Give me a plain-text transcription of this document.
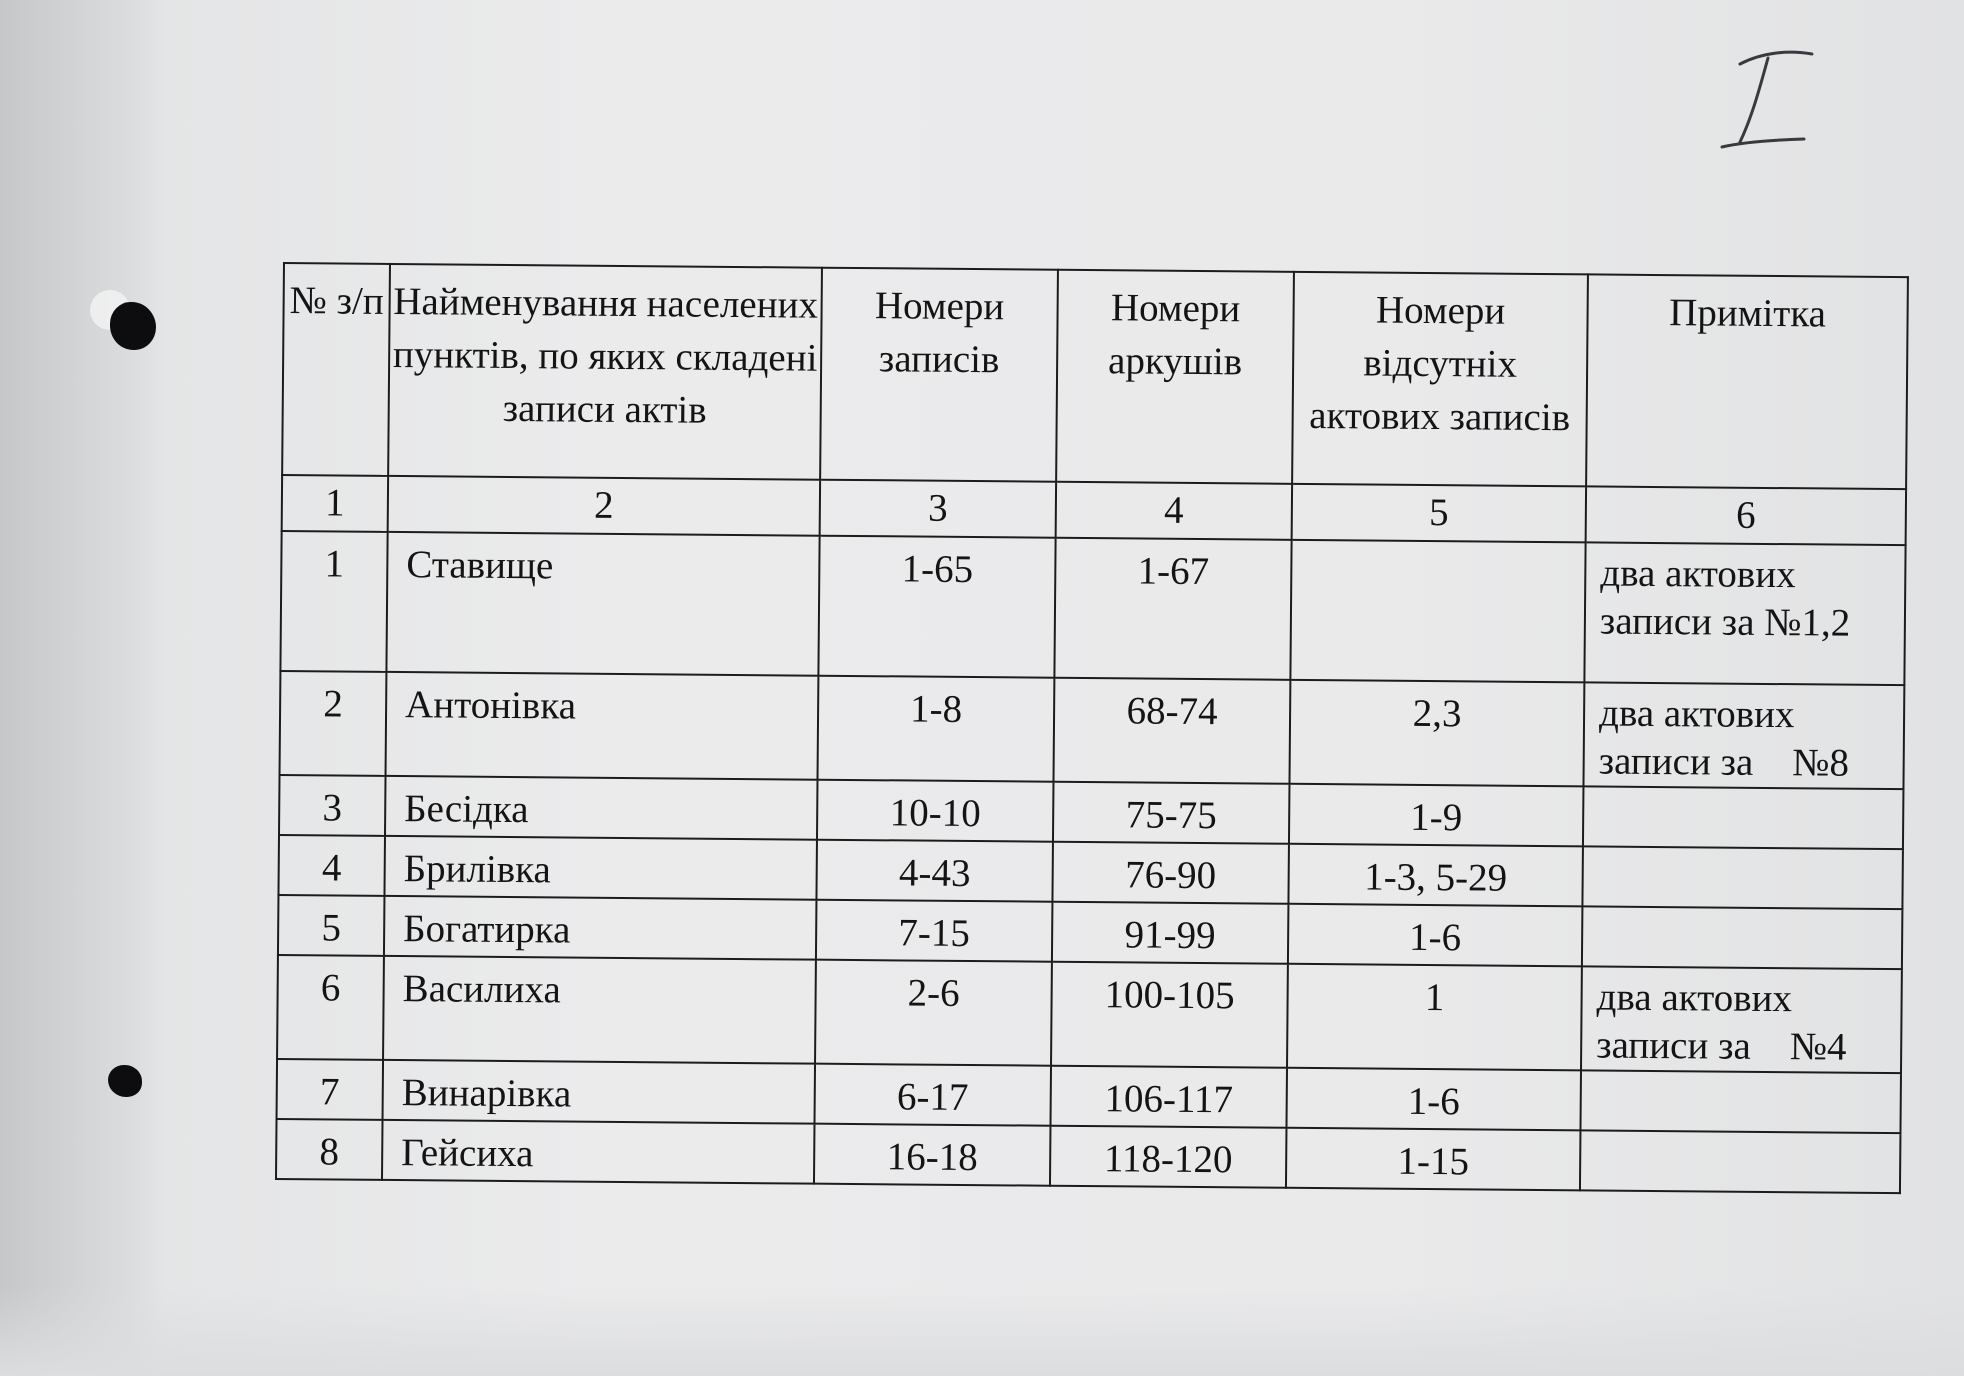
№ з/п	Найменування населених пунктів, по яких складені записи актів	Номери записів	Номери аркушів	Номери відсутніх актових записів	Примітка
1	2	3	4	5	6
1	Ставище	1-65	1-67		два актових записи за №1,2
2	Антонівка	1-8	68-74	2,3	два актових записи за    №8
3	Бесідка	10-10	75-75	1-9	
4	Брилівка	4-43	76-90	1-3, 5-29	
5	Богатирка	7-15	91-99	1-6	
6	Василиха	2-6	100-105	1	два актових записи за    №4
7	Винарівка	6-17	106-117	1-6	
8	Гейсиха	16-18	118-120	1-15	
